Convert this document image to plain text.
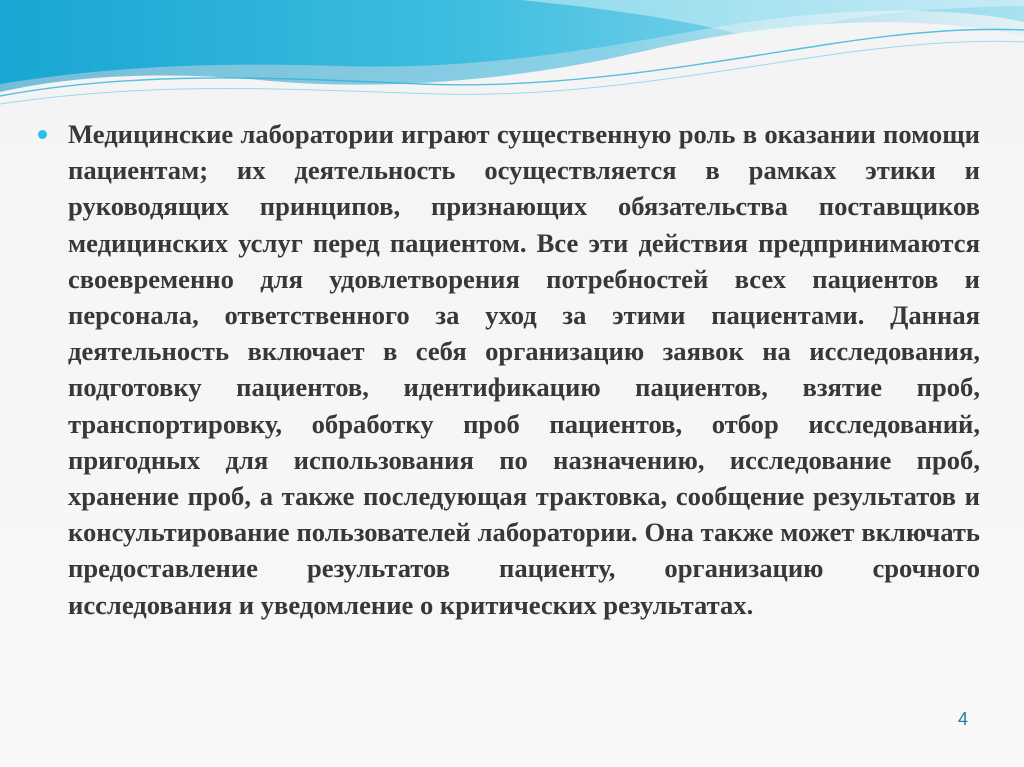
Медицинские лаборатории играют существенную роль в оказании помощи пациентам; их деятельность осуществляется в рамках этики и руководящих принципов, признающих обязательства поставщиков медицинских услуг перед пациентом. Все эти действия предпринимаются своевременно для удовлетворения потребностей всех пациентов и персонала, ответственного за уход за этими пациентами. Данная деятельность включает в себя организацию заявок на исследования, подготовку пациентов, идентификацию пациентов, взятие проб, транспортировку, обработку проб пациентов, отбор исследований, пригодных для использования по назначению, исследование проб, хранение проб, а также последующая трактовка, сообщение результатов и консультирование пользователей лаборатории. Она также может включать предоставление результатов пациенту, организацию срочного исследования и уведомление о критических результатах.

4
